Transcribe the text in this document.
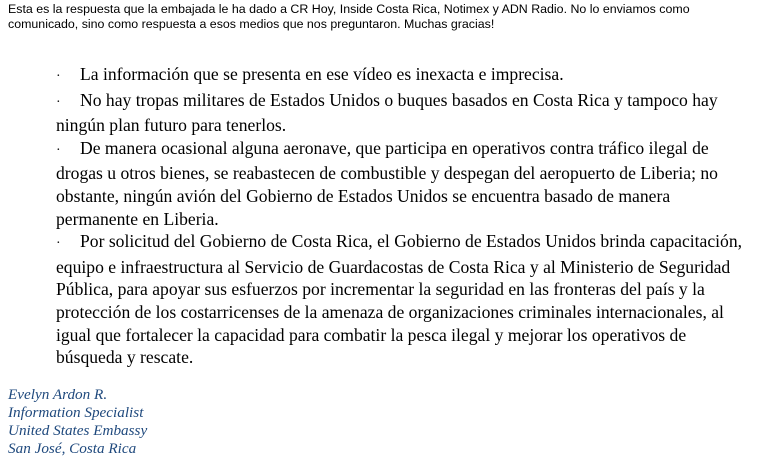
Esta es la respuesta que la embajada le ha dado a CR Hoy, Inside Costa Rica, Notimex y ADN Radio. No lo enviamos como comunicado, sino como respuesta a esos medios que nos preguntaron. Muchas gracias!

· La información que se presenta en ese vídeo es inexacta e imprecisa.
· No hay tropas militares de Estados Unidos o buques basados en Costa Rica y tampoco hay ningún plan futuro para tenerlos.
· De manera ocasional alguna aeronave, que participa en operativos contra tráfico ilegal de drogas u otros bienes, se reabastecen de combustible y despegan del aeropuerto de Liberia; no obstante, ningún avión del Gobierno de Estados Unidos se encuentra basado de manera permanente en Liberia.
· Por solicitud del Gobierno de Costa Rica, el Gobierno de Estados Unidos brinda capacitación, equipo e infraestructura al Servicio de Guardacostas de Costa Rica y al Ministerio de Seguridad Pública, para apoyar sus esfuerzos por incrementar la seguridad en las fronteras del país y la protección de los costarricenses de la amenaza de organizaciones criminales internacionales, al igual que fortalecer la capacidad para combatir la pesca ilegal y mejorar los operativos de búsqueda y rescate.
Evelyn Ardon R.
Information Specialist
United States Embassy
San José, Costa Rica
